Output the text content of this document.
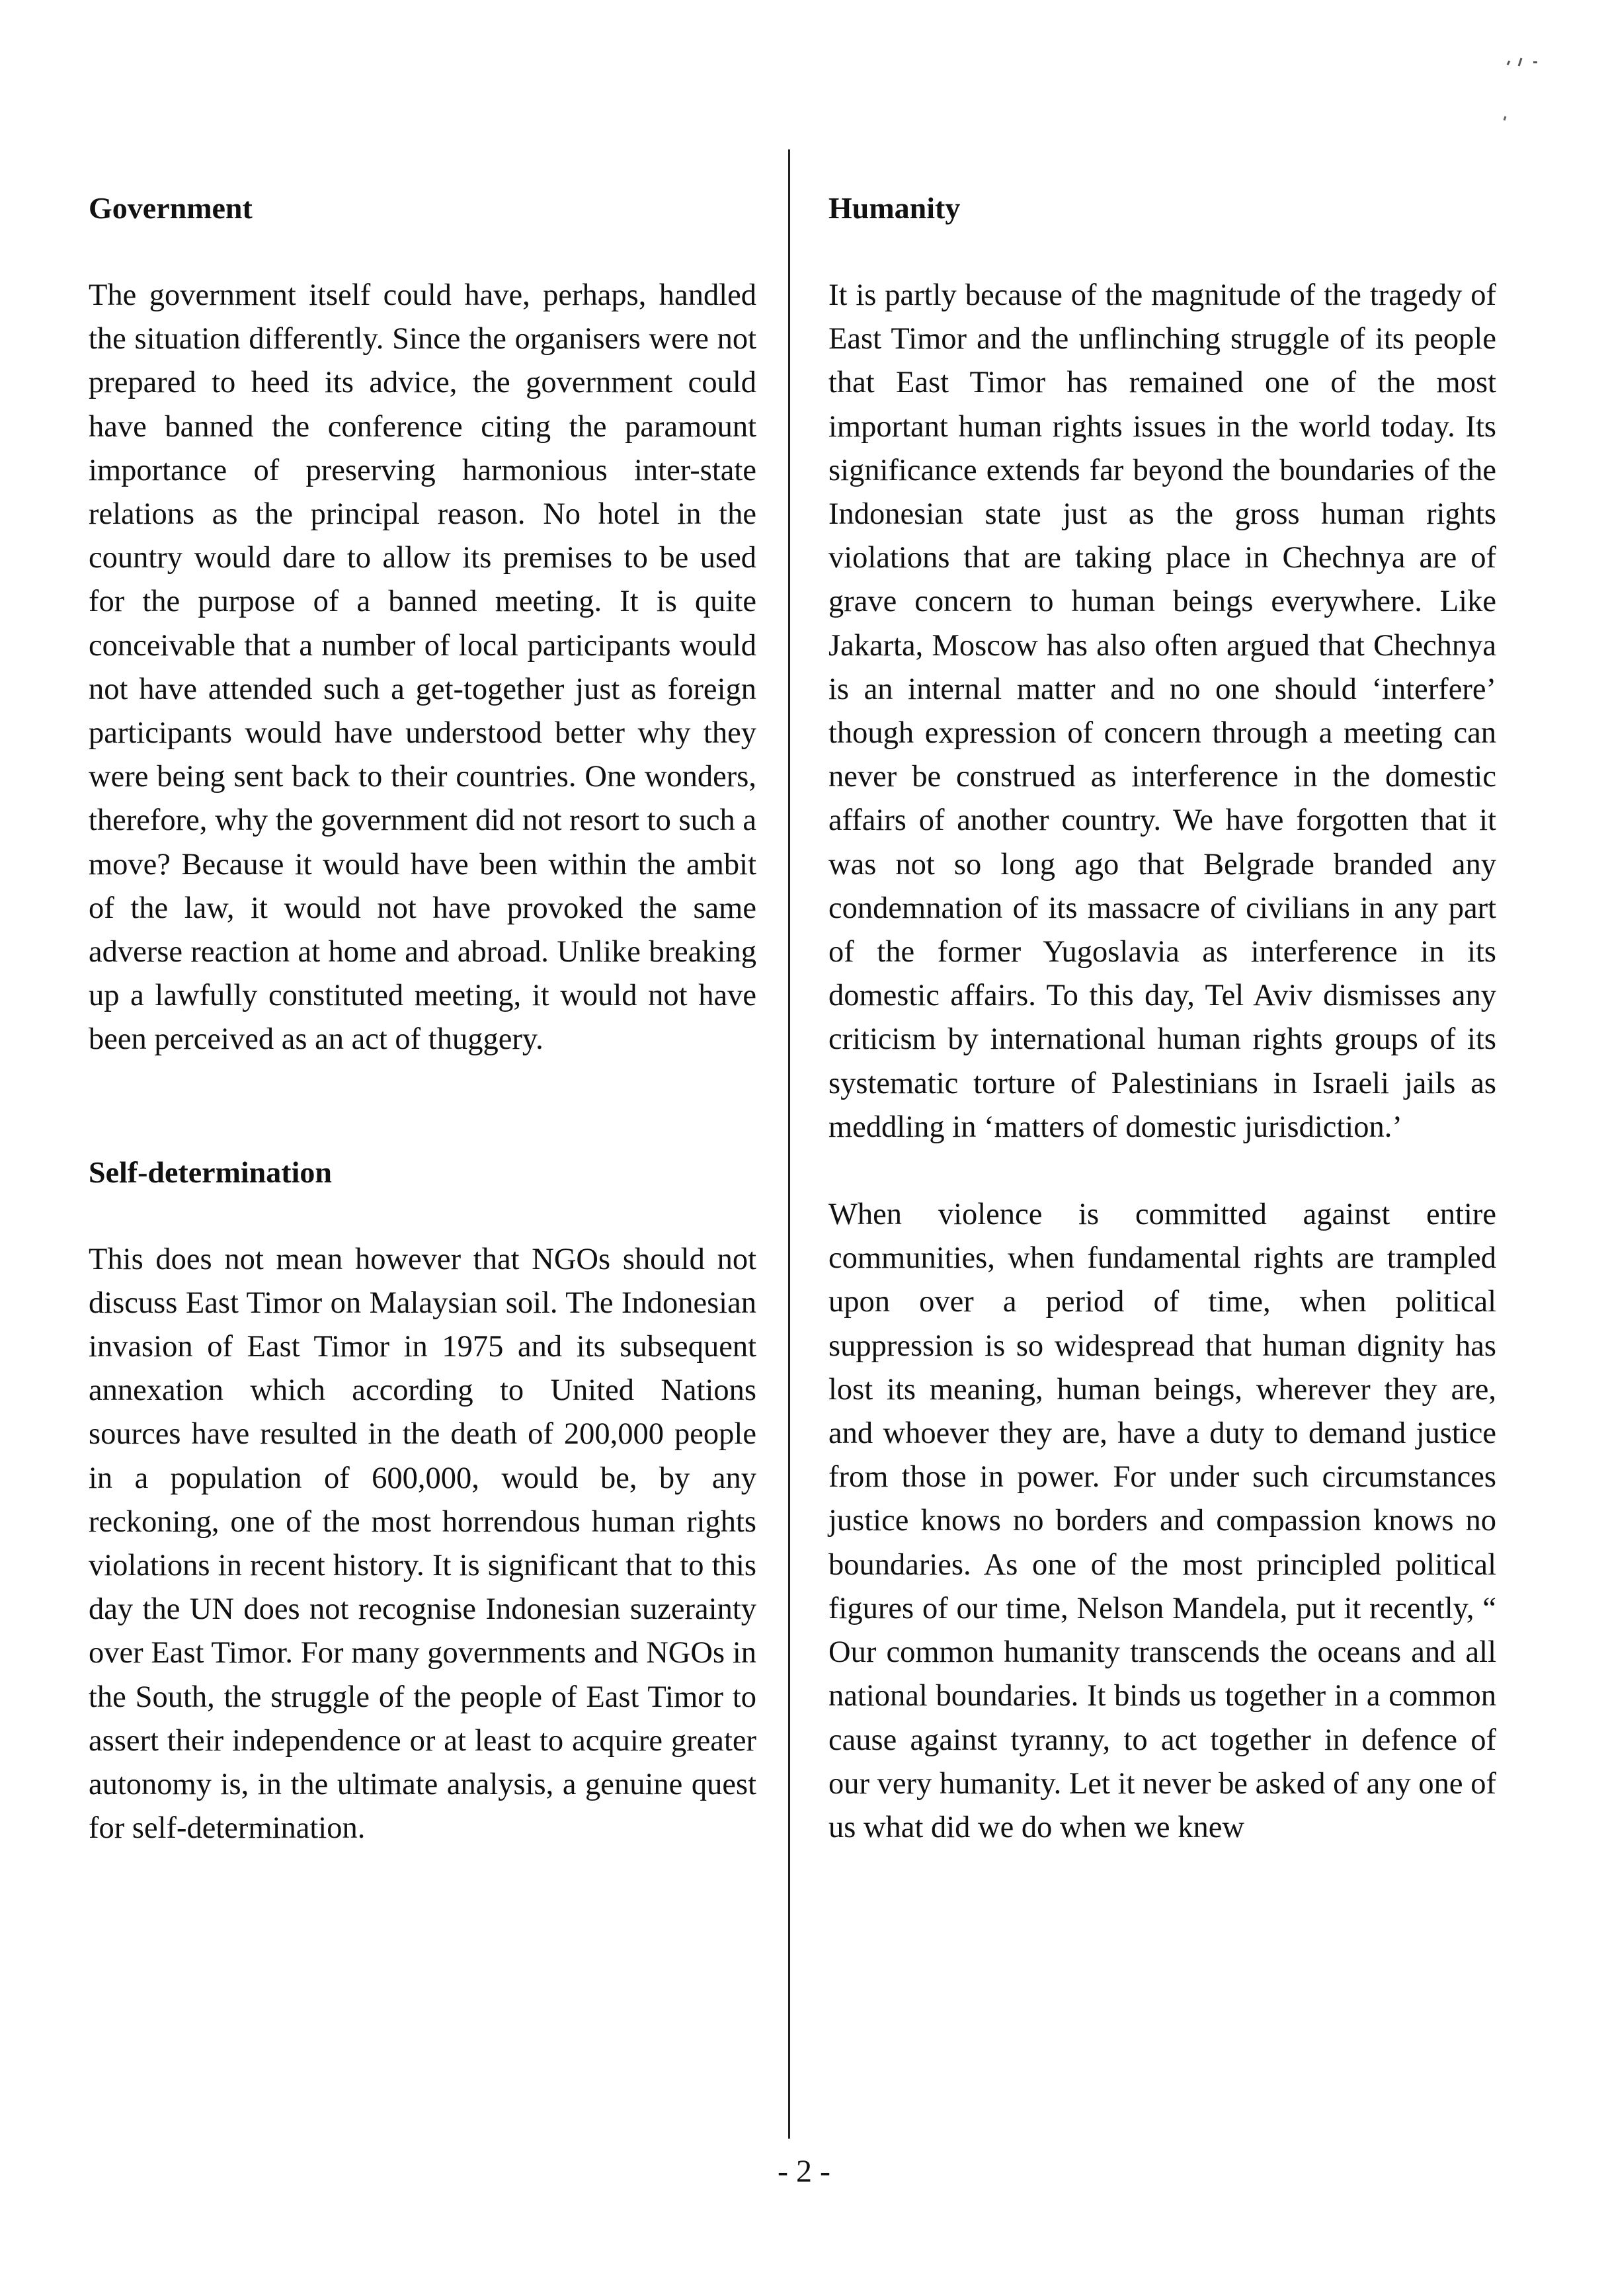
Government

The government itself could have, perhaps, handled the situation differently. Since the organisers were not prepared to heed its advice, the government could have banned the conference citing the paramount importance of preserving harmonious inter-state relations as the principal reason. No hotel in the country would dare to allow its premises to be used for the purpose of a banned meeting. It is quite conceivable that a number of local participants would not have attended such a get-together just as foreign participants would have understood better why they were being sent back to their countries. One wonders, therefore, why the government did not resort to such a move? Because it would have been within the ambit of the law, it would not have provoked the same adverse reaction at home and abroad. Unlike breaking up a lawfully constituted meeting, it would not have been perceived as an act of thuggery.

Self-determination

This does not mean however that NGOs should not discuss East Timor on Malaysian soil. The Indonesian invasion of East Timor in 1975 and its subsequent annexation which according to United Nations sources have resulted in the death of 200,000 people in a population of 600,000, would be, by any reckoning, one of the most horrendous human rights violations in recent history. It is significant that to this day the UN does not recognise Indonesian suzerainty over East Timor. For many governments and NGOs in the South, the struggle of the people of East Timor to assert their independence or at least to acquire greater autonomy is, in the ultimate analysis, a genuine quest for self-determination.

Humanity

It is partly because of the magnitude of the tragedy of East Timor and the unflinching struggle of its people that East Timor has remained one of the most important human rights issues in the world today. Its significance extends far beyond the boundaries of the Indonesian state just as the gross human rights violations that are taking place in Chechnya are of grave concern to human beings everywhere. Like Jakarta, Moscow has also often argued that Chechnya is an internal matter and no one should ‘interfere’ though expression of concern through a meeting can never be construed as interference in the domestic affairs of another country. We have forgotten that it was not so long ago that Belgrade branded any condemnation of its massacre of civilians in any part of the former Yugoslavia as interference in its domestic affairs. To this day, Tel Aviv dismisses any criticism by international human rights groups of its systematic torture of Palestinians in Israeli jails as meddling in ‘matters of domestic jurisdiction.’

When violence is committed against entire communities, when fundamental rights are trampled upon over a period of time, when political suppression is so widespread that human dignity has lost its meaning, human beings, wherever they are, and whoever they are, have a duty to demand justice from those in power. For under such circumstances justice knows no borders and compassion knows no boundaries. As one of the most principled political figures of our time, Nelson Mandela, put it recently, “ Our common humanity transcends the oceans and all national boundaries. It binds us together in a common cause against tyranny, to act together in defence of our very humanity. Let it never be asked of any one of us what did we do when we knew

- 2 -
